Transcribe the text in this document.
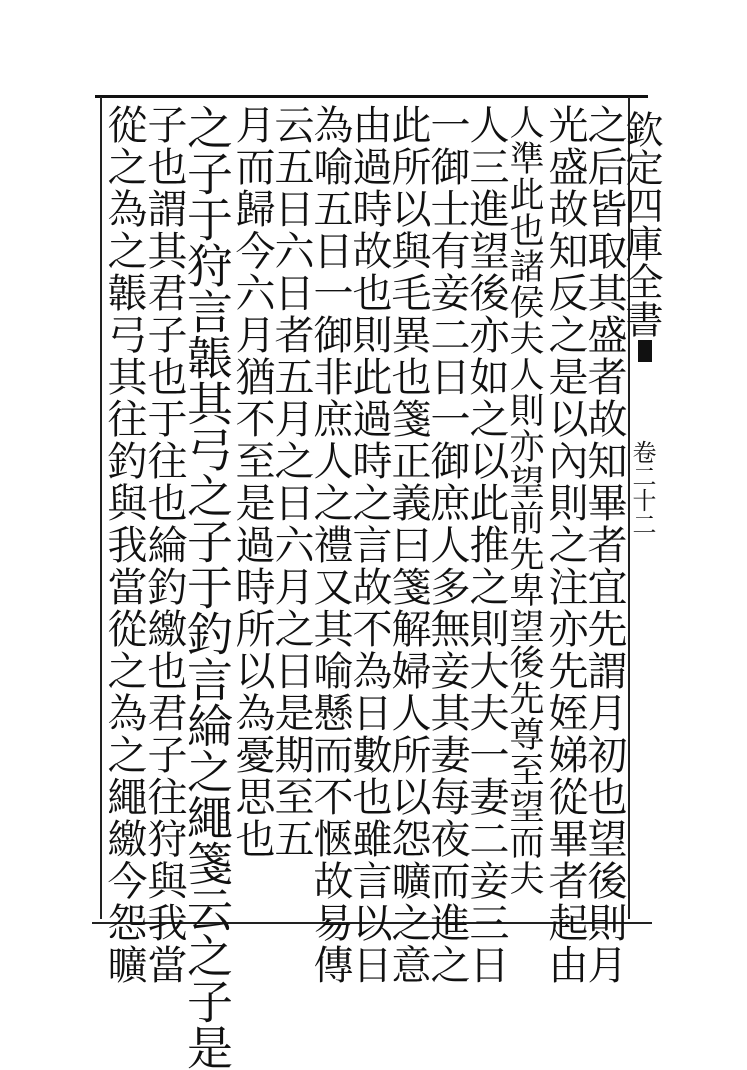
欽定四庫全書
卷二十二
之后皆取其盛者故知畢者宜先謂月初也望後則月
光盛故知反之是以內則之注亦先姪娣從畢者起由
人準此也諸侯夫人則亦望前先卑望後先尊至望而夫
人三進望後亦如之以此推之則大夫一妻二妾三日
一御士有妾二日一御庶人多無妾其妻每夜而進之
此所以與毛異也箋正義曰箋解婦人所以怨曠之意
由過時故也則此過時之言故不為日數也雖言以日
為喻五日一御非庶人之禮又其喻懸而不愜故易傳
云五日六日者五月之日六月之日是期至五
月而歸今六月猶不至是過時所以為憂思也
之子于狩言韔其弓之子于釣言綸之繩箋云之子是
子也謂其君子也于往也綸釣繳也君子往狩與我當
從之為之韔弓其往釣與我當從之為之繩繳今怨曠
